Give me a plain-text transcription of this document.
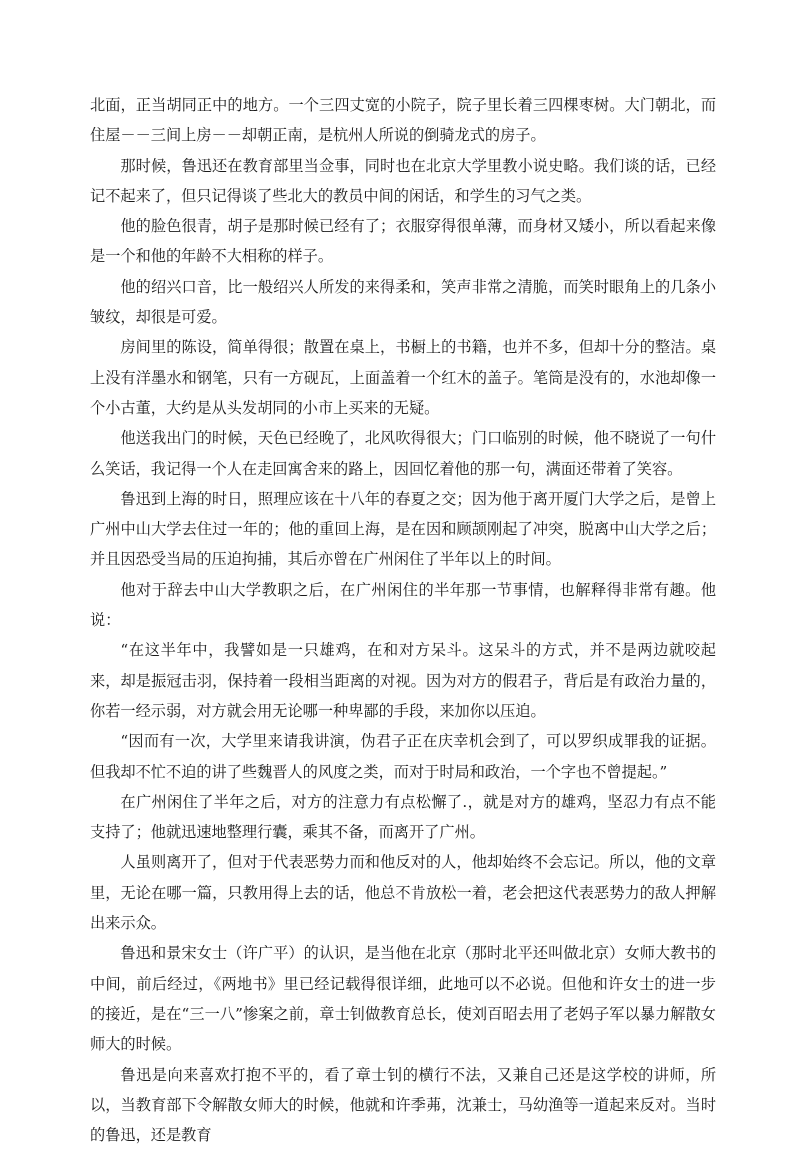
北面，正当胡同正中的地方。一个三四丈宽的小院子，院子里长着三四棵枣树。大门朝北，而住屋－－三间上房－－却朝正南，是杭州人所说的倒骑龙式的房子。

那时候，鲁迅还在教育部里当佥事，同时也在北京大学里教小说史略。我们谈的话，已经记不起来了，但只记得谈了些北大的教员中间的闲话，和学生的习气之类。

他的脸色很青，胡子是那时候已经有了；衣服穿得很单薄，而身材又矮小，所以看起来像是一个和他的年龄不大相称的样子。

他的绍兴口音，比一般绍兴人所发的来得柔和，笑声非常之清脆，而笑时眼角上的几条小皱纹，却很是可爱。

房间里的陈设，简单得很；散置在桌上，书橱上的书籍，也并不多，但却十分的整洁。桌上没有洋墨水和钢笔，只有一方砚瓦，上面盖着一个红木的盖子。笔筒是没有的，水池却像一个小古董，大约是从头发胡同的小市上买来的无疑。

他送我出门的时候，天色已经晚了，北风吹得很大；门口临别的时候，他不晓说了一句什么笑话，我记得一个人在走回寓舍来的路上，因回忆着他的那一句，满面还带着了笑容。

鲁迅到上海的时日，照理应该在十八年的春夏之交；因为他于离开厦门大学之后，是曾上广州中山大学去住过一年的；他的重回上海，是在因和顾颉刚起了冲突，脱离中山大学之后；并且因恐受当局的压迫拘捕，其后亦曾在广州闲住了半年以上的时间。

他对于辞去中山大学教职之后，在广州闲住的半年那一节事情，也解释得非常有趣。他说：

“在这半年中，我譬如是一只雄鸡，在和对方呆斗。这呆斗的方式，并不是两边就咬起来，却是振冠击羽，保持着一段相当距离的对视。因为对方的假君子，背后是有政治力量的，你若一经示弱，对方就会用无论哪一种卑鄙的手段，来加你以压迫。

“因而有一次，大学里来请我讲演，伪君子正在庆幸机会到了，可以罗织成罪我的证据。但我却不忙不迫的讲了些魏晋人的风度之类，而对于时局和政治，一个字也不曾提起。”

在广州闲住了半年之后，对方的注意力有点松懈了.，就是对方的雄鸡，坚忍力有点不能支持了；他就迅速地整理行囊，乘其不备，而离开了广州。

人虽则离开了，但对于代表恶势力而和他反对的人，他却始终不会忘记。所以，他的文章里，无论在哪一篇，只教用得上去的话，他总不肯放松一着，老会把这代表恶势力的敌人押解出来示众。

鲁迅和景宋女士（许广平）的认识，是当他在北京（那时北平还叫做北京）女师大教书的中间，前后经过，《两地书》里已经记载得很详细，此地可以不必说。但他和许女士的进一步的接近，是在“三一八”惨案之前，章士钊做教育总长，使刘百昭去用了老妈子军以暴力解散女师大的时候。

鲁迅是向来喜欢打抱不平的，看了章士钊的横行不法，又兼自己还是这学校的讲师，所以，当教育部下令解散女师大的时候，他就和许季茀，沈兼士，马幼渔等一道起来反对。当时的鲁迅，还是教育
